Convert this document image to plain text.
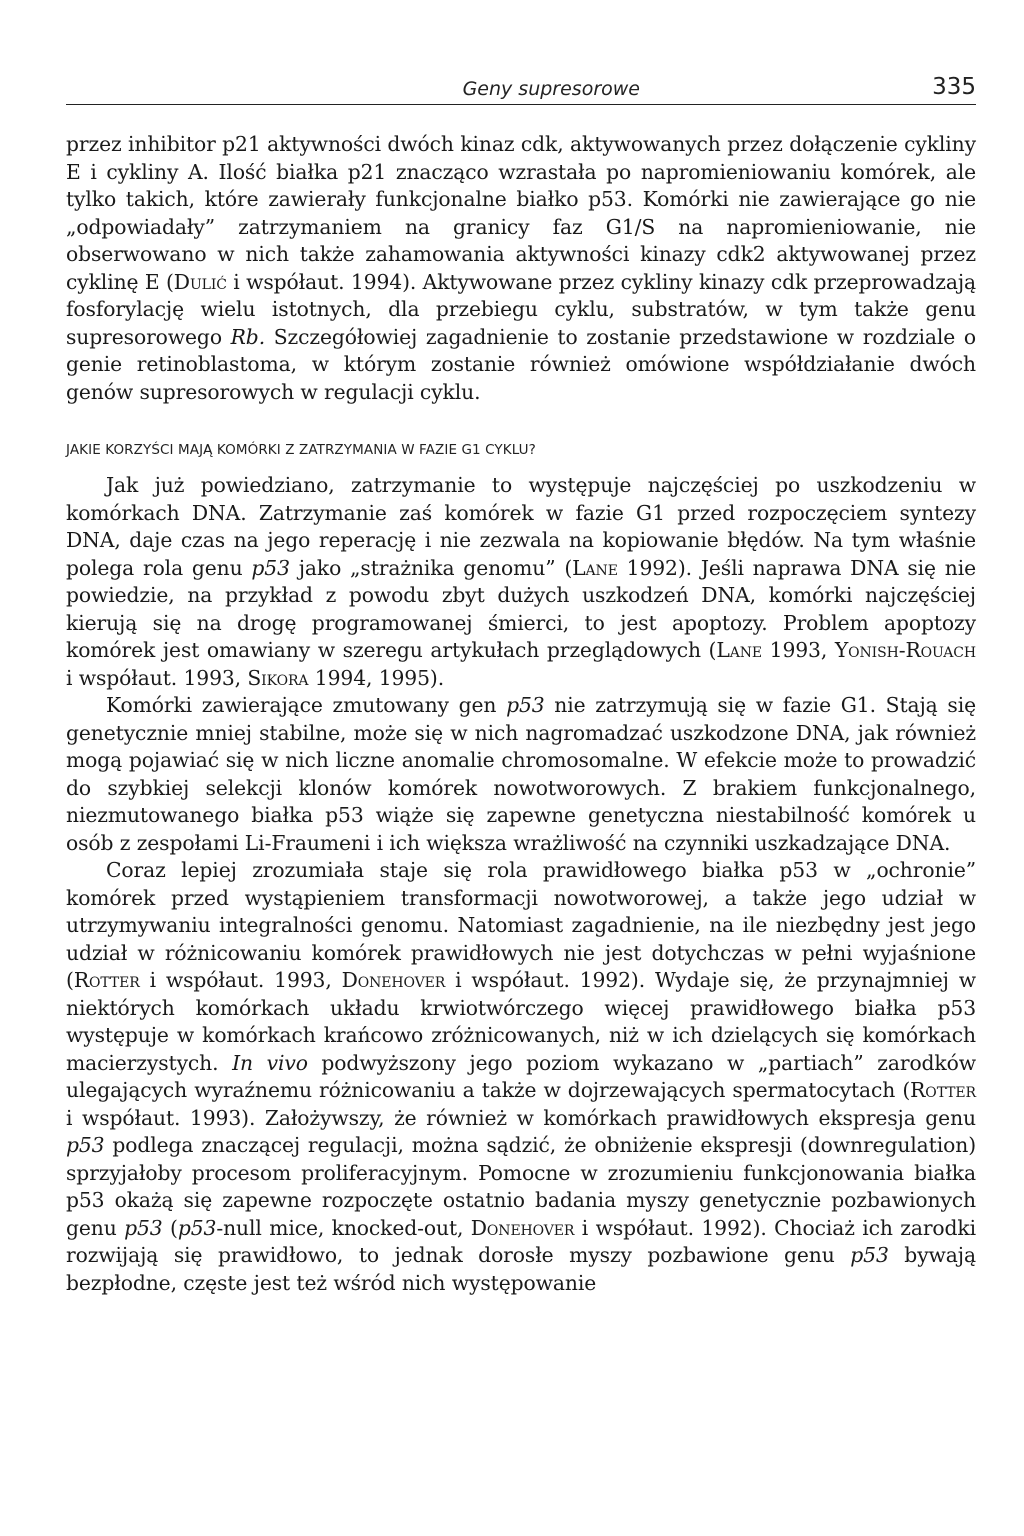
Geny supresorowe	335

przez inhibitor p21 aktywności dwóch kinaz cdk, aktywowanych przez dołączenie cykliny E i cykliny A. Ilość białka p21 znacząco wzrastała po napromieniowaniu komórek, ale tylko takich, które zawierały funkcjonalne białko p53. Komórki nie zawierające go nie „odpowiadały” zatrzymaniem na granicy faz G1/S na napromieniowanie, nie obserwowano w nich także zahamowania aktywności kinazy cdk2 aktywowanej przez cyklinę E (Dulić i współaut. 1994). Aktywowane przez cykliny kinazy cdk przeprowadzają fosforylację wielu istotnych, dla przebiegu cyklu, substratów, w tym także genu supresorowego Rb. Szczegółowiej zagadnienie to zostanie przedstawione w rozdziale o genie retinoblastoma, w którym zostanie również omówione współdziałanie dwóch genów supresorowych w regulacji cyklu.

JAKIE KORZYŚCI MAJĄ KOMÓRKI Z ZATRZYMANIA W FAZIE G1 CYKLU?

Jak już powiedziano, zatrzymanie to występuje najczęściej po uszkodzeniu w komórkach DNA. Zatrzymanie zaś komórek w fazie G1 przed rozpoczęciem syntezy DNA, daje czas na jego reperację i nie zezwala na kopiowanie błędów. Na tym właśnie polega rola genu p53 jako „strażnika genomu” (Lane 1992). Jeśli naprawa DNA się nie powiedzie, na przykład z powodu zbyt dużych uszkodzeń DNA, komórki najczęściej kierują się na drogę programowanej śmierci, to jest apoptozy. Problem apoptozy komórek jest omawiany w szeregu artykułach przeglądowych (Lane 1993, Yonish-Rouach i współaut. 1993, Sikora 1994, 1995).

Komórki zawierające zmutowany gen p53 nie zatrzymują się w fazie G1. Stają się genetycznie mniej stabilne, może się w nich nagromadzać uszkodzone DNA, jak również mogą pojawiać się w nich liczne anomalie chromosomalne. W efekcie może to prowadzić do szybkiej selekcji klonów komórek nowotworowych. Z brakiem funkcjonalnego, niezmutowanego białka p53 wiąże się zapewne genetyczna niestabilność komórek u osób z zespołami Li-Fraumeni i ich większa wrażliwość na czynniki uszkadzające DNA.

Coraz lepiej zrozumiała staje się rola prawidłowego białka p53 w „ochronie” komórek przed wystąpieniem transformacji nowotworowej, a także jego udział w utrzymywaniu integralności genomu. Natomiast zagadnienie, na ile niezbędny jest jego udział w różnicowaniu komórek prawidłowych nie jest dotychczas w pełni wyjaśnione (Rotter i współaut. 1993, Donehover i współaut. 1992). Wydaje się, że przynajmniej w niektórych komórkach układu krwiotwórczego więcej prawidłowego białka p53 występuje w komórkach krańcowo zróżnicowanych, niż w ich dzielących się komórkach macierzystych. In vivo podwyższony jego poziom wykazano w „partiach” zarodków ulegających wyraźnemu różnicowaniu a także w dojrzewających spermatocytach (Rotter i współaut. 1993). Założywszy, że również w komórkach prawidłowych ekspresja genu p53 podlega znaczącej regulacji, można sądzić, że obniżenie ekspresji (downregulation) sprzyjałoby procesom proliferacyjnym. Pomocne w zrozumieniu funkcjonowania białka p53 okażą się zapewne rozpoczęte ostatnio badania myszy genetycznie pozbawionych genu p53 (p53-null mice, knocked-out, Donehover i współaut. 1992). Chociaż ich zarodki rozwijają się prawidłowo, to jednak dorosłe myszy pozbawione genu p53 bywają bezpłodne, częste jest też wśród nich występowanie
